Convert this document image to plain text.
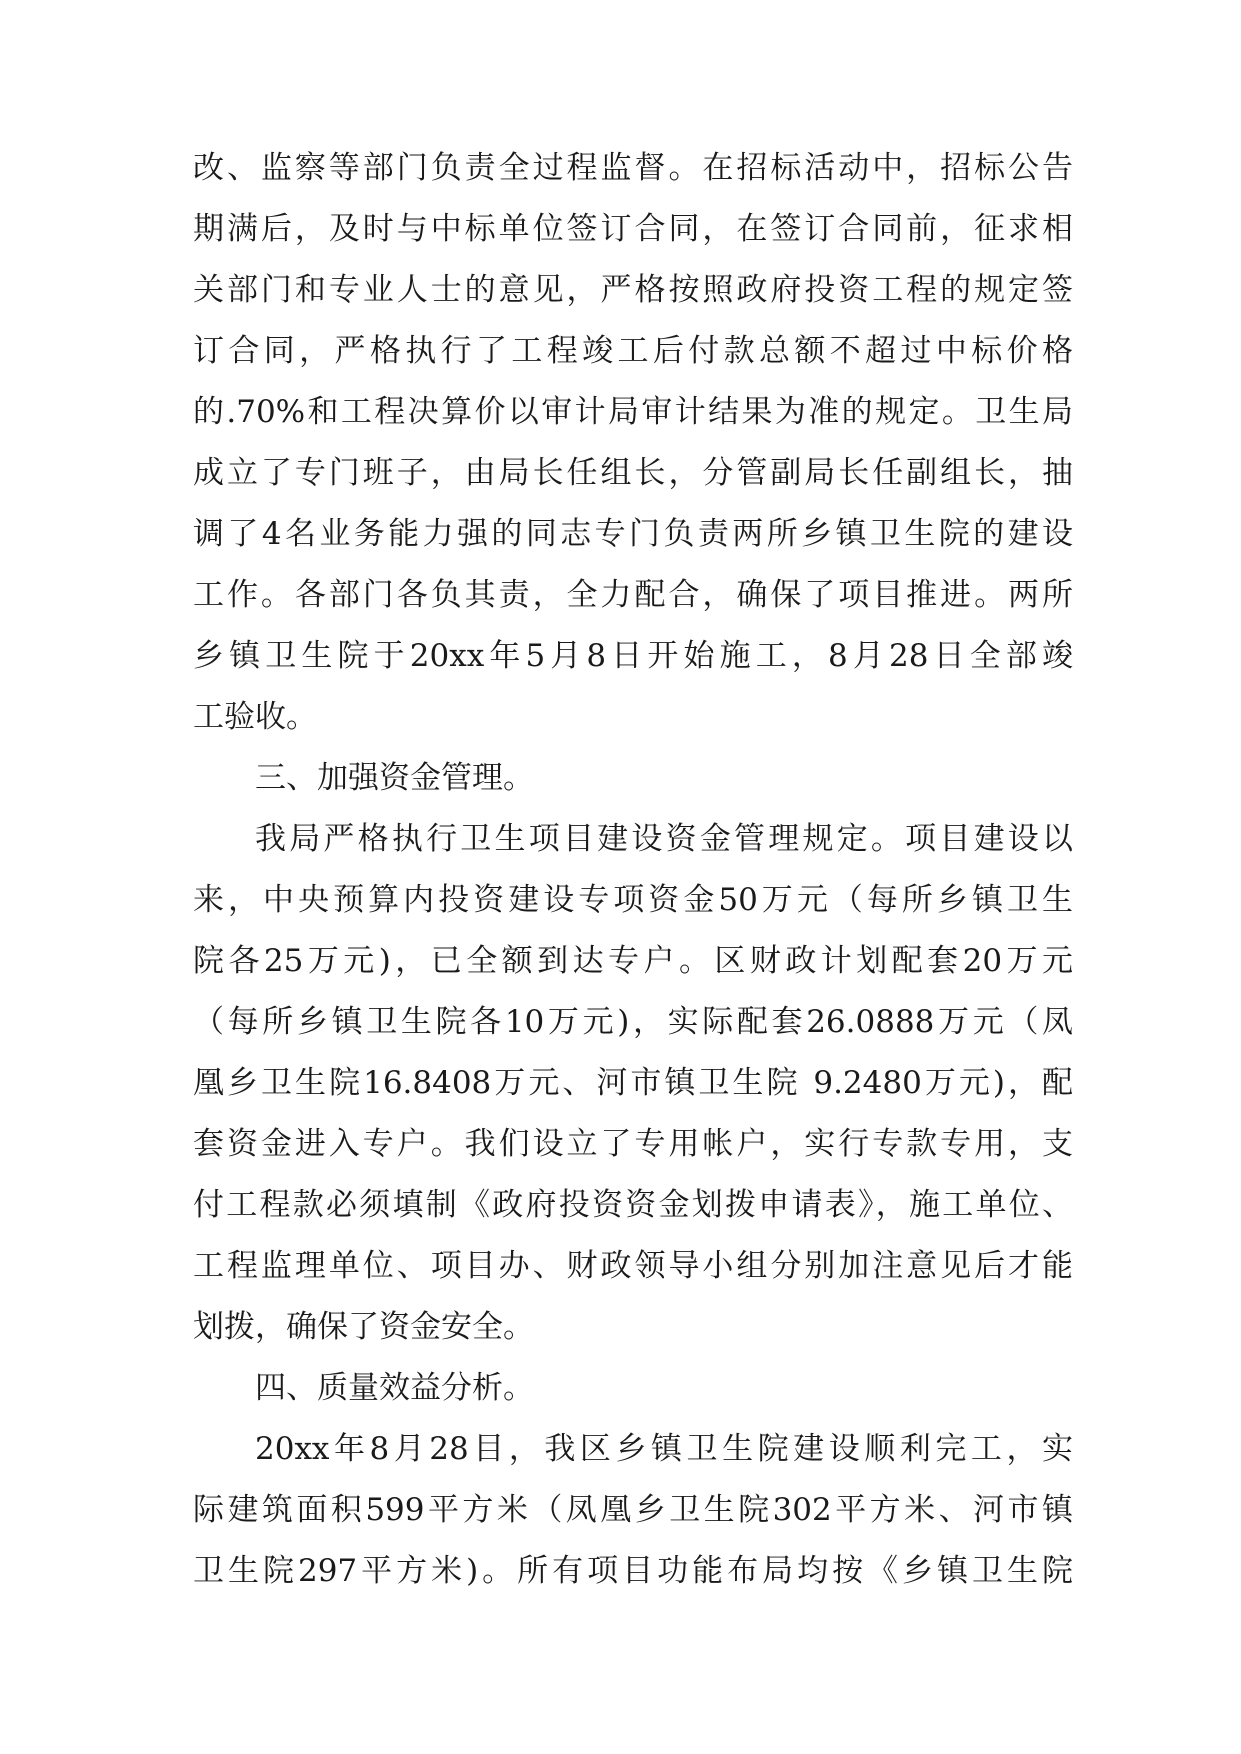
改、监察等部门负责全过程监督。在招标活动中，招标公告
期满后，及时与中标单位签订合同，在签订合同前，征求相
关部门和专业人士的意见，严格按照政府投资工程的规定签
订合同，严格执行了工程竣工后付款总额不超过中标价格
的.70%和工程决算价以审计局审计结果为准的规定。卫生局
成立了专门班子，由局长任组长，分管副局长任副组长，抽
调了4名业务能力强的同志专门负责两所乡镇卫生院的建设
工作。各部门各负其责，全力配合，确保了项目推进。两所
乡镇卫生院于20xx年5月8日开始施工，8月28日全部竣
工验收。
三、加强资金管理。
我局严格执行卫生项目建设资金管理规定。项目建设以
来，中央预算内投资建设专项资金50万元（每所乡镇卫生
院各25万元)，已全额到达专户。区财政计划配套20万元
（每所乡镇卫生院各10万元)，实际配套26.0888万元（凤
凰乡卫生院16.8408万元、河市镇卫生院 9.2480万元)，配
套资金进入专户。我们设立了专用帐户，实行专款专用，支
付工程款必须填制《政府投资资金划拨申请表》，施工单位、
工程监理单位、项目办、财政领导小组分别加注意见后才能
划拨，确保了资金安全。
四、质量效益分析。
20xx年8月28目，我区乡镇卫生院建设顺利完工，实
际建筑面积599平方米（凤凰乡卫生院302平方米、河市镇
卫生院297平方米)。所有项目功能布局均按《乡镇卫生院
